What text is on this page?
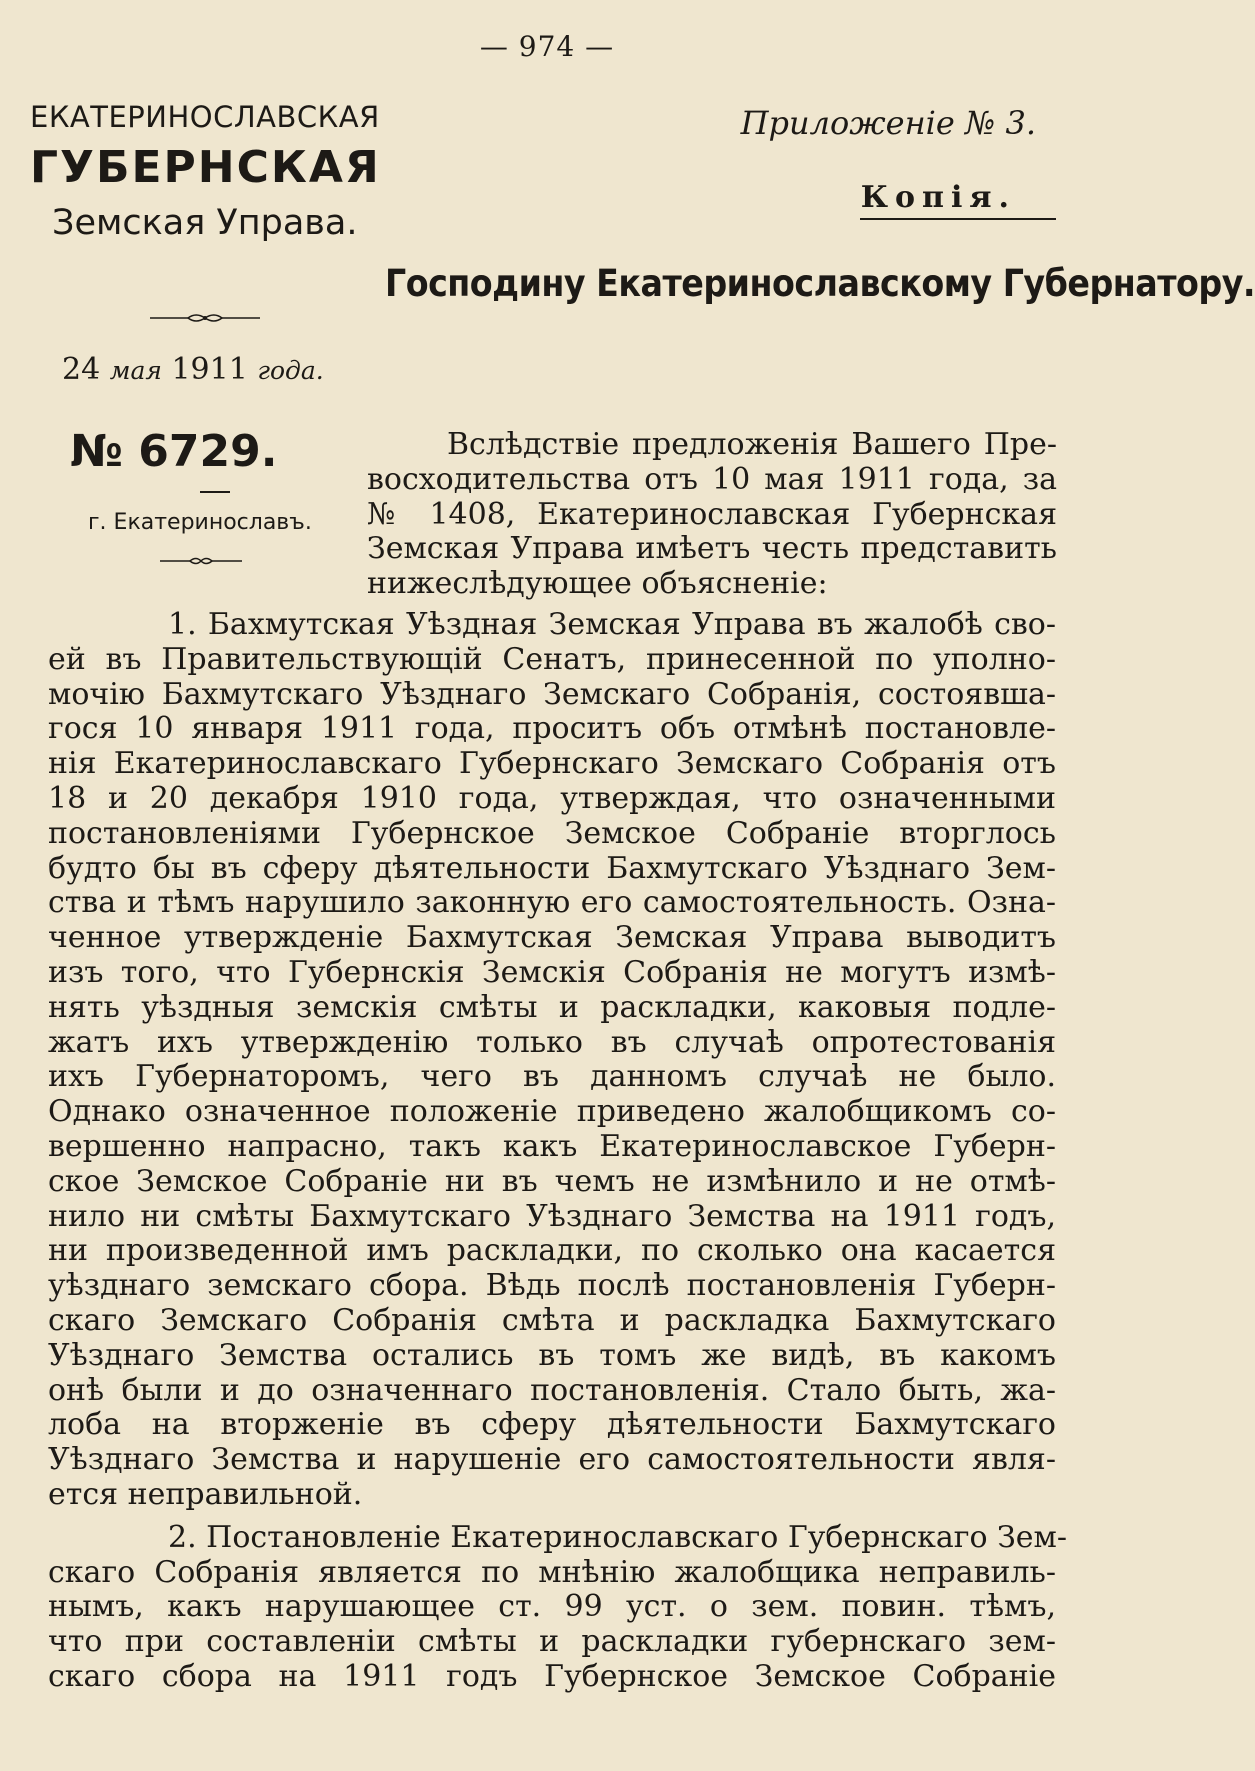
— 974 —
ЕКАТЕРИНОСЛАВСКАЯ
ГУБЕРНСКАЯ
Земская Управа.
24 мая 1911 года.
№ 6729.
г. Екатеринославъ.
Приложеніе № 3.
Копія.
Господину Екатеринославскому Губернатору.
Вслѣдствіе предложенія Вашего Пре-
восходительства отъ 10 мая 1911 года, за
№ 1408, Екатеринославская Губернская
Земская Управа имѣетъ честь представить
нижеслѣдующее объясненіе:
1. Бахмутская Уѣздная Земская Управа въ жалобѣ сво-
ей въ Правительствующій Сенатъ, принесенной по уполно-
мочію Бахмутскаго Уѣзднаго Земскаго Собранія, состоявша-
гося 10 января 1911 года, проситъ объ отмѣнѣ постановле-
нія Екатеринославскаго Губернскаго Земскаго Собранія отъ
18 и 20 декабря 1910 года, утверждая, что означенными
постановленіями Губернское Земское Собраніе вторглось
будто бы въ сферу дѣятельности Бахмутскаго Уѣзднаго Зем-
ства и тѣмъ нарушило законную его самостоятельность. Озна-
ченное утвержденіе Бахмутская Земская Управа выводитъ
изъ того, что Губернскія Земскія Собранія не могутъ измѣ-
нять уѣздныя земскія смѣты и раскладки, каковыя подле-
жатъ ихъ утвержденію только въ случаѣ опротестованія
ихъ Губернаторомъ, чего въ данномъ случаѣ не было.
Однако означенное положеніе приведено жалобщикомъ со-
вершенно напрасно, такъ какъ Екатеринославское Губерн-
ское Земское Собраніе ни въ чемъ не измѣнило и не отмѣ-
нило ни смѣты Бахмутскаго Уѣзднаго Земства на 1911 годъ,
ни произведенной имъ раскладки, по сколько она касается
уѣзднаго земскаго сбора. Вѣдь послѣ постановленія Губерн-
скаго Земскаго Собранія смѣта и раскладка Бахмутскаго
Уѣзднаго Земства остались въ томъ же видѣ, въ какомъ
онѣ были и до означеннаго постановленія. Стало быть, жа-
лоба на вторженіе въ сферу дѣятельности Бахмутскаго
Уѣзднаго Земства и нарушеніе его самостоятельности явля-
ется неправильной.
2. Постановленіе Екатеринославскаго Губернскаго Зем-
скаго Собранія является по мнѣнію жалобщика неправиль-
нымъ, какъ нарушающее ст. 99 уст. о зем. повин. тѣмъ,
что при составленіи смѣты и раскладки губернскаго зем-
скаго сбора на 1911 годъ Губернское Земское Собраніе
